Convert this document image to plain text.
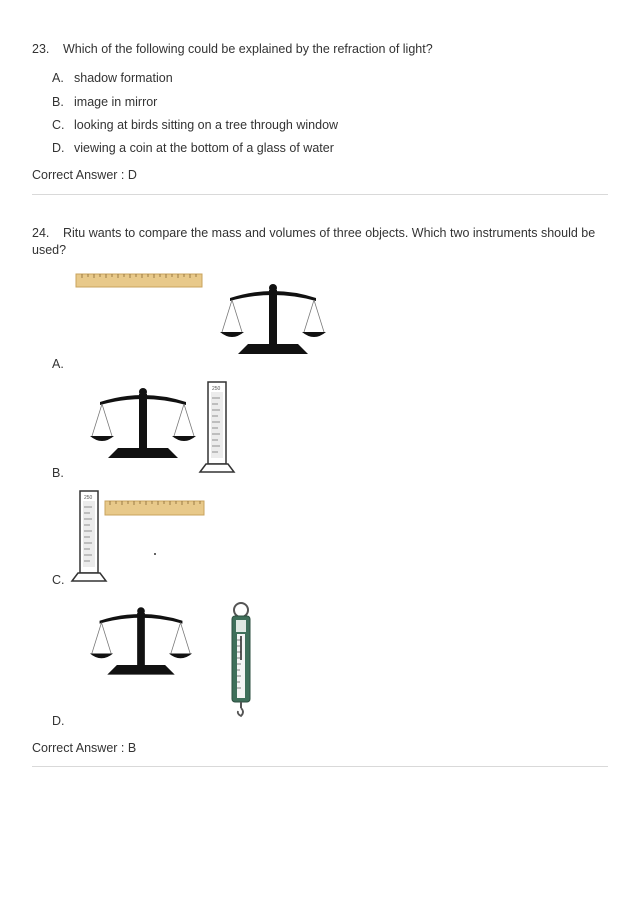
23. Which of the following could be explained by the refraction of light?
A. shadow formation
B. image in mirror
C. looking at birds sitting on a tree through window
D. viewing a coin at the bottom of a glass of water
Correct Answer : D
24. Ritu wants to compare the mass and volumes of three objects. Which two instruments should be used?
A.
250
B.
250
C.
D.
Correct Answer : B
